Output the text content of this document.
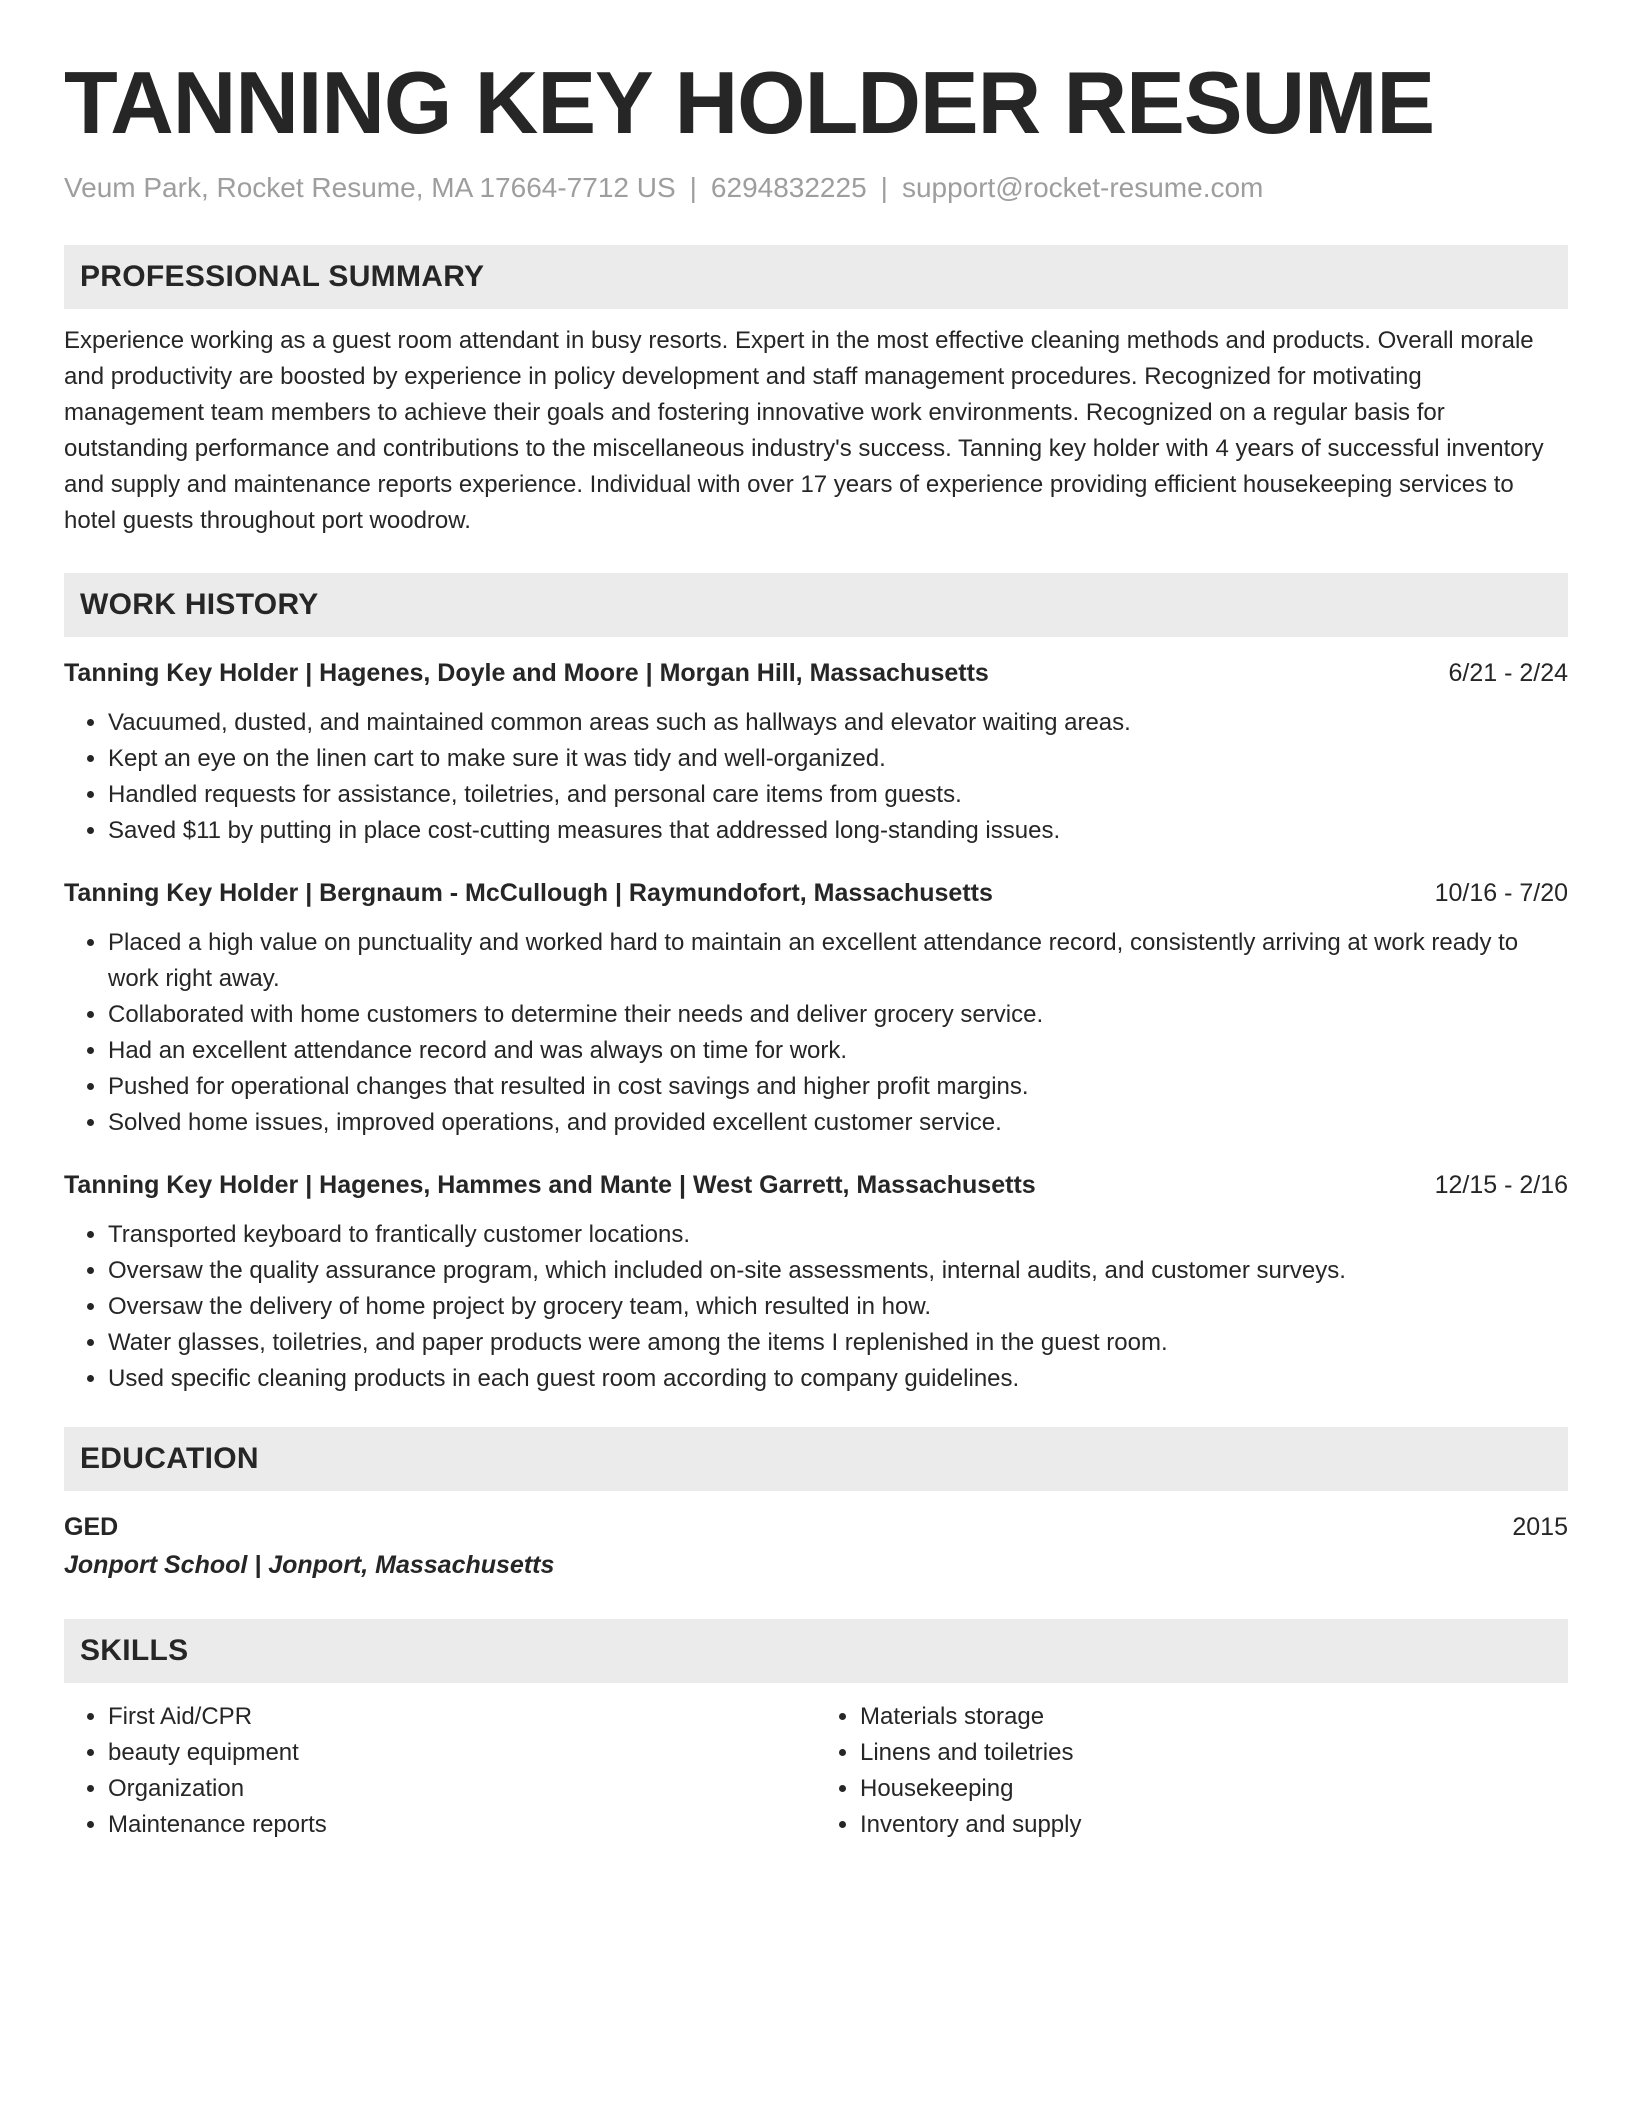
TANNING KEY HOLDER RESUME
Veum Park, Rocket Resume, MA 17664-7712 US | 6294832225 | support@rocket-resume.com
PROFESSIONAL SUMMARY

Experience working as a guest room attendant in busy resorts. Expert in the most effective cleaning methods and products. Overall morale and productivity are boosted by experience in policy development and staff management procedures. Recognized for motivating management team members to achieve their goals and fostering innovative work environments. Recognized on a regular basis for outstanding performance and contributions to the miscellaneous industry's success. Tanning key holder with 4 years of successful inventory and supply and maintenance reports experience. Individual with over 17 years of experience providing efficient housekeeping services to hotel guests throughout port woodrow.

WORK HISTORY
Tanning Key Holder | Hagenes, Doyle and Moore | Morgan Hill, Massachusetts	6/21 - 2/24
• Vacuumed, dusted, and maintained common areas such as hallways and elevator waiting areas.
• Kept an eye on the linen cart to make sure it was tidy and well-organized.
• Handled requests for assistance, toiletries, and personal care items from guests.
• Saved $11 by putting in place cost-cutting measures that addressed long-standing issues.
Tanning Key Holder | Bergnaum - McCullough | Raymundofort, Massachusetts	10/16 - 7/20
• Placed a high value on punctuality and worked hard to maintain an excellent attendance record, consistently arriving at work ready to work right away.
• Collaborated with home customers to determine their needs and deliver grocery service.
• Had an excellent attendance record and was always on time for work.
• Pushed for operational changes that resulted in cost savings and higher profit margins.
• Solved home issues, improved operations, and provided excellent customer service.
Tanning Key Holder | Hagenes, Hammes and Mante | West Garrett, Massachusetts	12/15 - 2/16
• Transported keyboard to frantically customer locations.
• Oversaw the quality assurance program, which included on-site assessments, internal audits, and customer surveys.
• Oversaw the delivery of home project by grocery team, which resulted in how.
• Water glasses, toiletries, and paper products were among the items I replenished in the guest room.
• Used specific cleaning products in each guest room according to company guidelines.
EDUCATION
GED	2015
Jonport School | Jonport, Massachusetts
SKILLS
• First Aid/CPR
• beauty equipment
• Organization
• Maintenance reports
• Materials storage
• Linens and toiletries
• Housekeeping
• Inventory and supply
